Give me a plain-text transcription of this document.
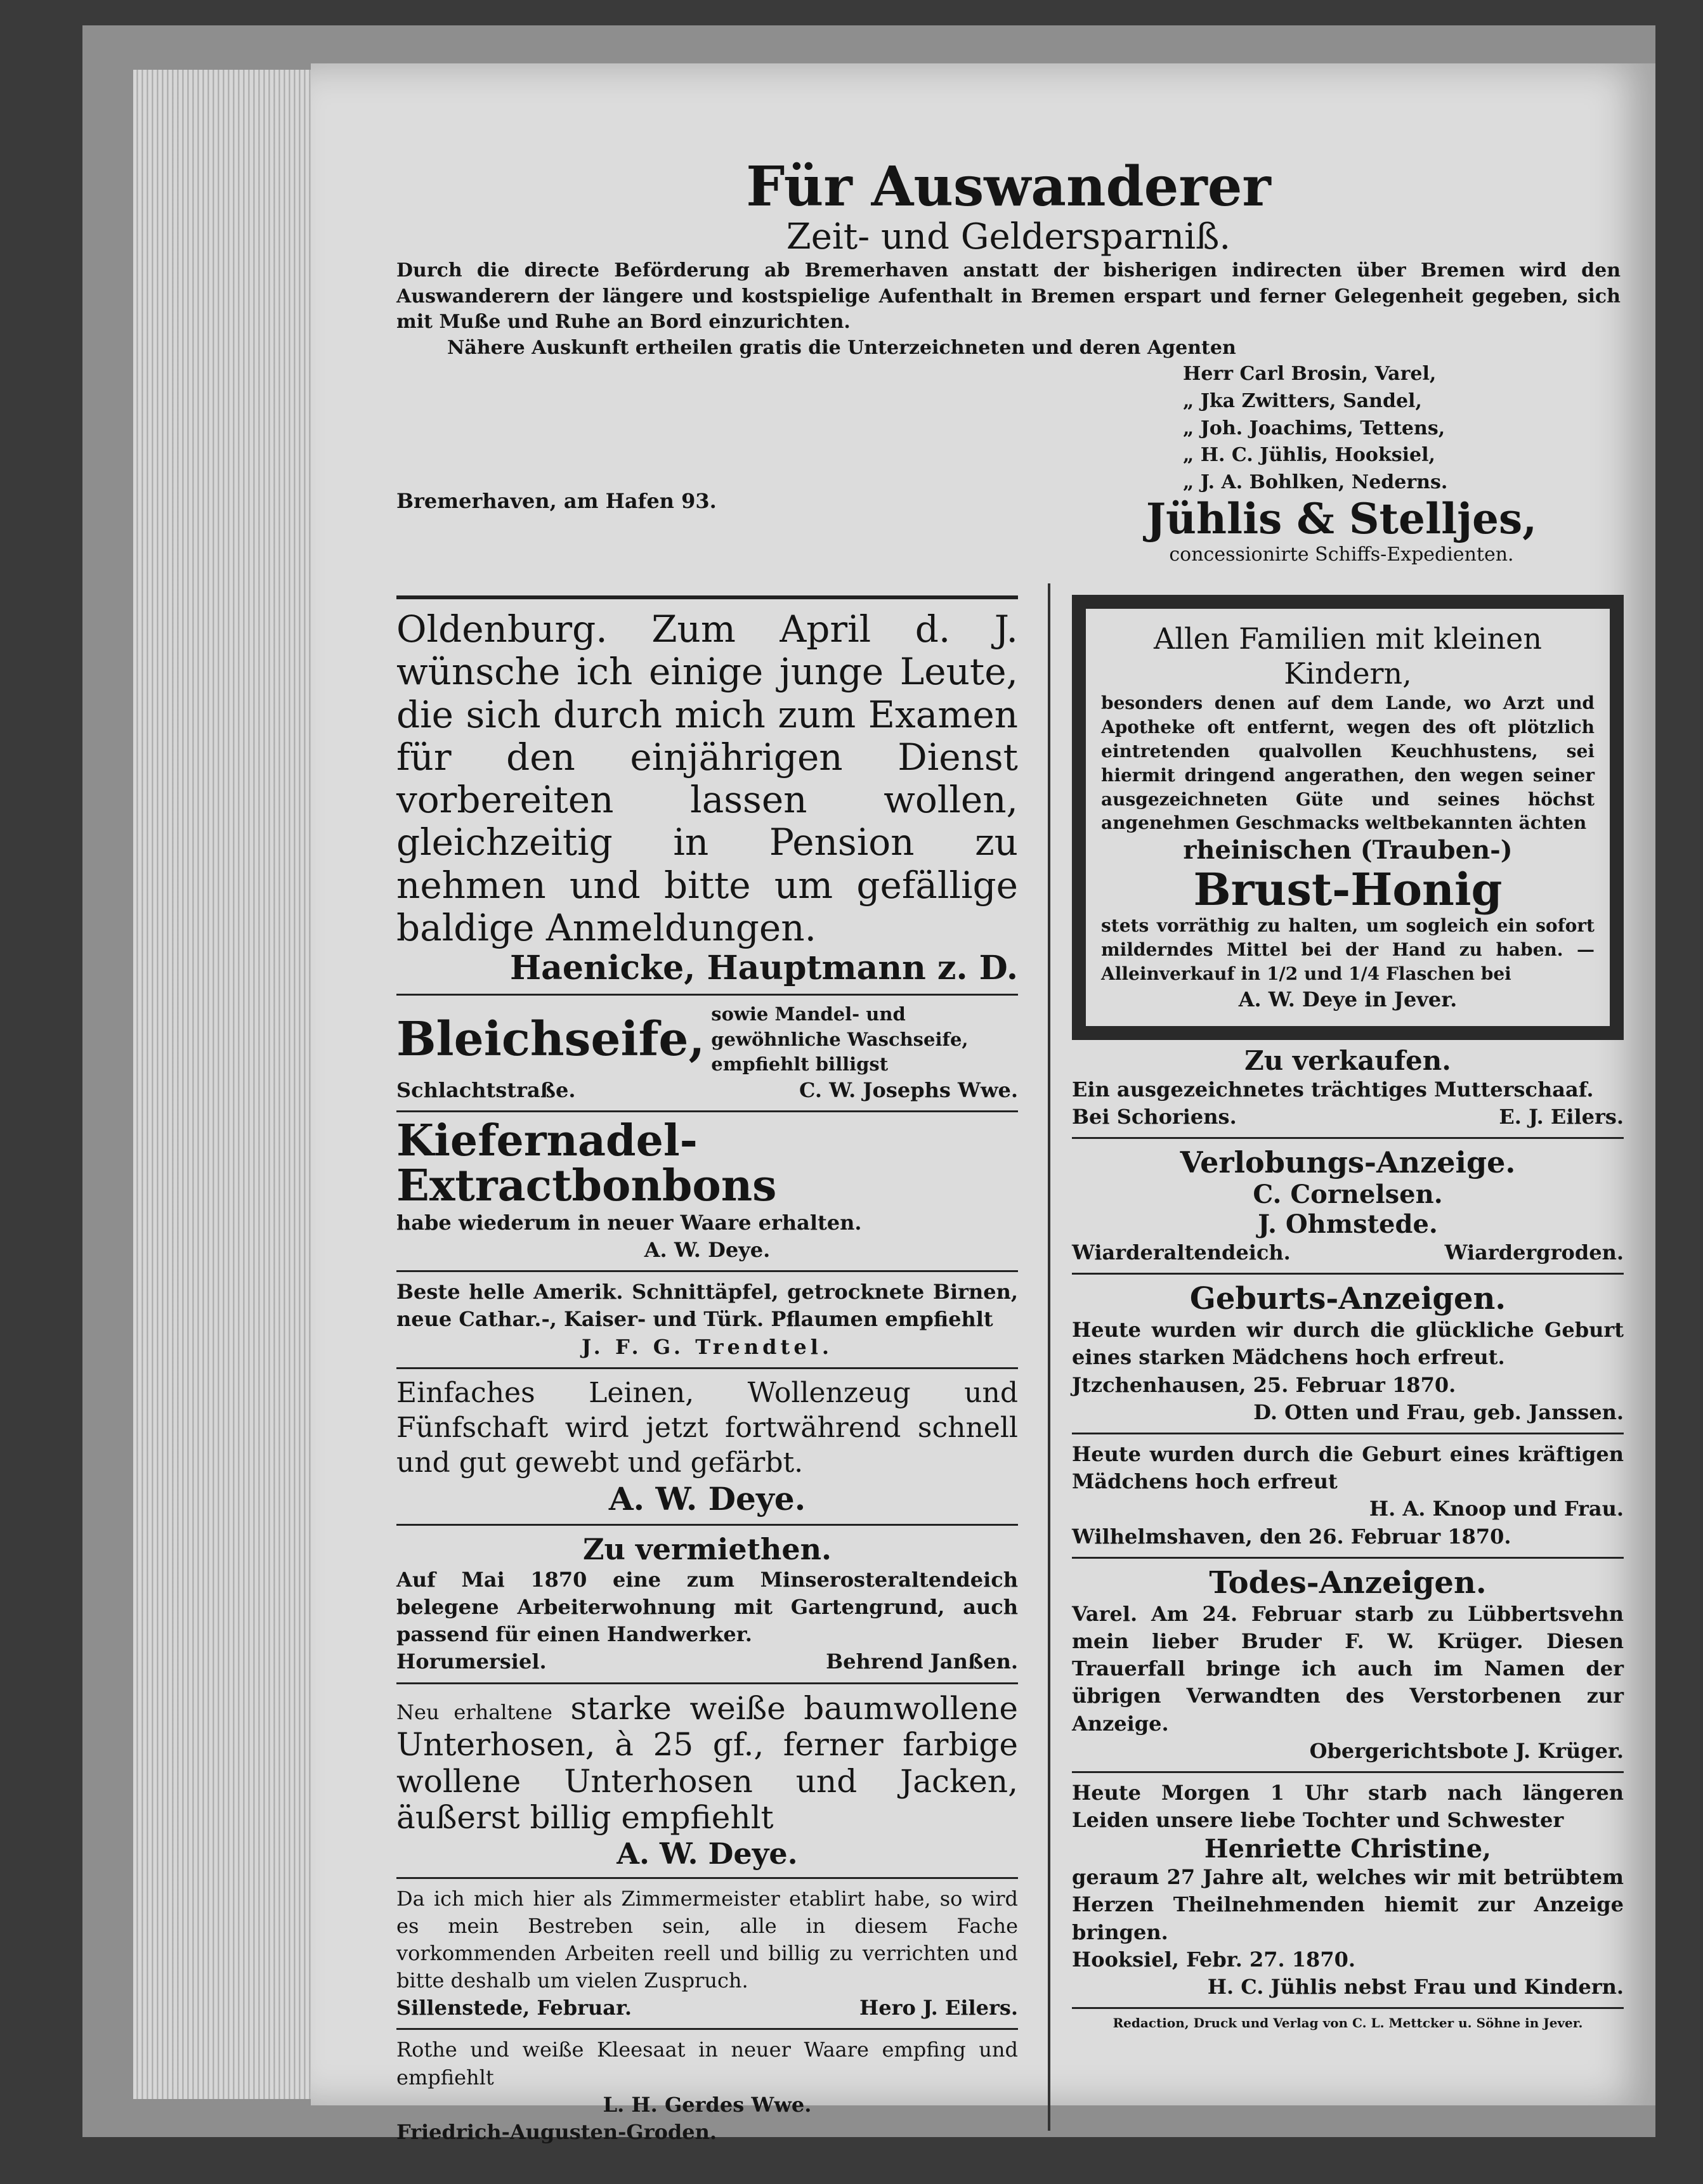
Für Auswanderer
Zeit- und Geldersparniß.
Durch die directe Beförderung ab Bremerhaven anstatt der bisherigen indirecten über Bremen wird den Auswanderern der längere und kostspielige Aufenthalt in Bremen erspart und ferner Gelegenheit gegeben, sich mit Muße und Ruhe an Bord einzurichten.
Nähere Auskunft ertheilen gratis die Unterzeichneten und deren Agenten
Bremerhaven, am Hafen 93.
Herr Carl Brosin, Varel,
„ Jka Zwitters, Sandel,
„ Joh. Joachims, Tettens,
„ H. C. Jühlis, Hooksiel,
„ J. A. Bohlken, Nederns.
Jühlis & Stelljes,
concessionirte Schiffs-Expedienten.
Oldenburg. Zum April d. J. wünsche ich einige junge Leute, die sich durch mich zum Examen für den einjährigen Dienst vorbereiten lassen wollen, gleichzeitig in Pension zu nehmen und bitte um gefällige baldige Anmeldungen.
Haenicke, Hauptmann z. D.
Bleichseife, sowie Mandel- und gewöhnliche Waschseife, empfiehlt billigst
Schlachtstraße.	C. W. Josephs Wwe.
Kiefernadel-Extractbonbons
habe wiederum in neuer Waare erhalten.
A. W. Deye.
Beste helle Amerik. Schnittäpfel, getrocknete Birnen, neue Cathar.-, Kaiser- und Türk. Pflaumen empfiehlt
J. F. G. Trendtel.
Einfaches Leinen, Wollenzeug und Fünfschaft wird jetzt fortwährend schnell und gut gewebt und gefärbt.
A. W. Deye.
Zu vermiethen.
Auf Mai 1870 eine zum Minserosteraltendeich belegene Arbeiterwohnung mit Gartengrund, auch passend für einen Handwerker.
Horumersiel.	Behrend Janßen.
Neu erhaltene starke weiße baumwollene Unterhosen, à 25 gf., ferner farbige wollene Unterhosen und Jacken, äußerst billig empfiehlt
A. W. Deye.
Da ich mich hier als Zimmermeister etablirt habe, so wird es mein Bestreben sein, alle in diesem Fache vorkommenden Arbeiten reell und billig zu verrichten und bitte deshalb um vielen Zuspruch.
Sillenstede, Februar.	Hero J. Eilers.
Rothe und weiße Kleesaat in neuer Waare empfing und empfiehlt
L. H. Gerdes Wwe.
Friedrich-Augusten-Groden.
Allen Familien mit kleinen Kindern,
besonders denen auf dem Lande, wo Arzt und Apotheke oft entfernt, wegen des oft plötzlich eintretenden qualvollen Keuchhustens, sei hiermit dringend angerathen, den wegen seiner ausgezeichneten Güte und seines höchst angenehmen Geschmacks weltbekannten ächten
rheinischen (Trauben-)
Brust-Honig
stets vorräthig zu halten, um sogleich ein sofort milderndes Mittel bei der Hand zu haben. — Alleinverkauf in 1/2 und 1/4 Flaschen bei
A. W. Deye in Jever.
Zu verkaufen.
Ein ausgezeichnetes trächtiges Mutterschaaf.
Bei Schoriens.	E. J. Eilers.
Verlobungs-Anzeige.
C. Cornelsen.
J. Ohmstede.
Wiarderaltendeich.	Wiardergroden.
Geburts-Anzeigen.
Heute wurden wir durch die glückliche Geburt eines starken Mädchens hoch erfreut.
Jtzchenhausen, 25. Februar 1870.
D. Otten und Frau, geb. Janssen.
Heute wurden durch die Geburt eines kräftigen Mädchens hoch erfreut
H. A. Knoop und Frau.
Wilhelmshaven, den 26. Februar 1870.
Todes-Anzeigen.
Varel. Am 24. Februar starb zu Lübbertsvehn mein lieber Bruder F. W. Krüger. Diesen Trauerfall bringe ich auch im Namen der übrigen Verwandten des Verstorbenen zur Anzeige.
Obergerichtsbote J. Krüger.
Heute Morgen 1 Uhr starb nach längeren Leiden unsere liebe Tochter und Schwester
Henriette Christine,
geraum 27 Jahre alt, welches wir mit betrübtem Herzen Theilnehmenden hiemit zur Anzeige bringen.
Hooksiel, Febr. 27. 1870.
H. C. Jühlis nebst Frau und Kindern.
Redaction, Druck und Verlag von C. L. Mettcker u. Söhne in Jever.
